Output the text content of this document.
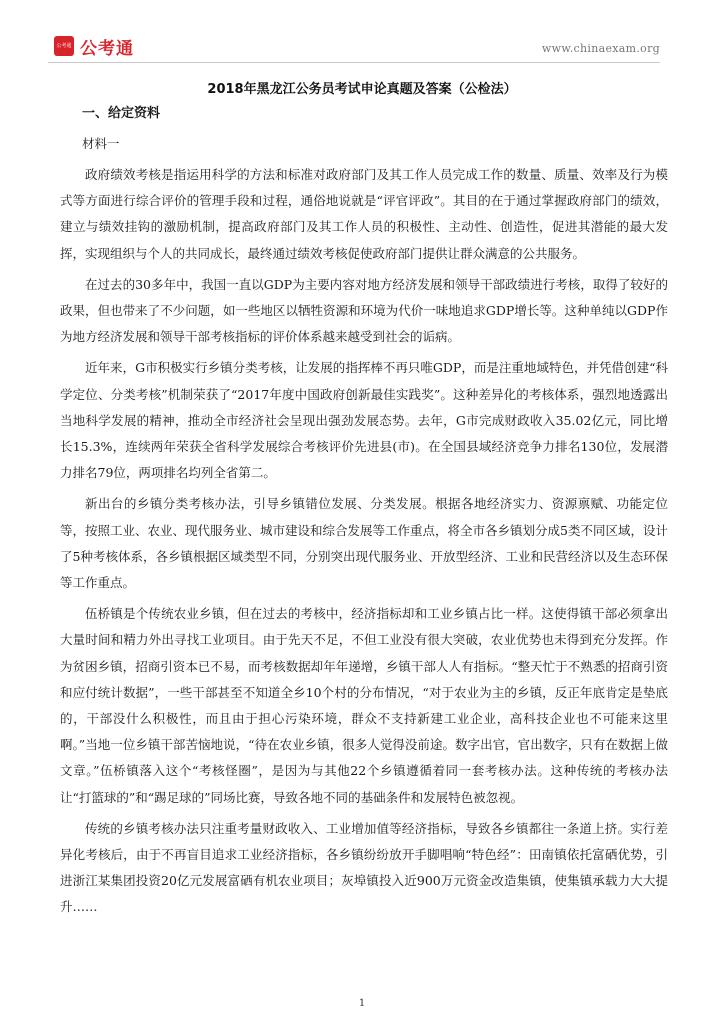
公考通 公考通	www.chinaexam.org
2018年黑龙江公务员考试申论真题及答案（公检法）
一、给定资料
材料一

政府绩效考核是指运用科学的方法和标准对政府部门及其工作人员完成工作的数量、质量、效率及行为模式等方面进行综合评价的管理手段和过程，通俗地说就是“评官评政”。其目的在于通过掌握政府部门的绩效，建立与绩效挂钩的激励机制，提高政府部门及其工作人员的积极性、主动性、创造性，促进其潜能的最大发挥，实现组织与个人的共同成长，最终通过绩效考核促使政府部门提供让群众满意的公共服务。

在过去的30多年中，我国一直以GDP为主要内容对地方经济发展和领导干部政绩进行考核，取得了较好的政果，但也带来了不少问题，如一些地区以牺牲资源和环境为代价一味地追求GDP增长等。这种单纯以GDP作为地方经济发展和领导干部考核指标的评价体系越来越受到社会的诟病。

近年来，G市积极实行乡镇分类考核，让发展的指挥棒不再只唯GDP，而是注重地域特色，并凭借创建“科学定位、分类考核”机制荣获了“2017年度中国政府创新最佳实践奖”。这种差异化的考核体系，强烈地透露出当地科学发展的精神，推动全市经济社会呈现出强劲发展态势。去年，G市完成财政收入35.02亿元，同比增长15.3%，连续两年荣获全省科学发展综合考核评价先进县(市)。在全国县域经济竞争力排名130位，发展潜力排名79位，两项排名均列全省第二。

新出台的乡镇分类考核办法，引导乡镇错位发展、分类发展。根据各地经济实力、资源禀赋、功能定位等，按照工业、农业、现代服务业、城市建设和综合发展等工作重点，将全市各乡镇划分成5类不同区域，设计了5种考核体系，各乡镇根据区域类型不同，分别突出现代服务业、开放型经济、工业和民营经济以及生态环保等工作重点。

伍桥镇是个传统农业乡镇，但在过去的考核中，经济指标却和工业乡镇占比一样。这使得镇干部必须拿出大量时间和精力外出寻找工业项目。由于先天不足，不但工业没有很大突破，农业优势也未得到充分发挥。作为贫困乡镇，招商引资本已不易，而考核数据却年年递增，乡镇干部人人有指标。“整天忙于不熟悉的招商引资和应付统计数据”，一些干部甚至不知道全乡10个村的分布情况，“对于农业为主的乡镇，反正年底肯定是垫底的，干部没什么积极性，而且由于担心污染环境，群众不支持新建工业企业，高科技企业也不可能来这里啊。”当地一位乡镇干部苦恼地说，“待在农业乡镇，很多人觉得没前途。数字出官，官出数字，只有在数据上做文章。”伍桥镇落入这个“考核怪圈”，是因为与其他22个乡镇遵循着同一套考核办法。这种传统的考核办法让“打篮球的”和“踢足球的”同场比赛，导致各地不同的基础条件和发展特色被忽视。

传统的乡镇考核办法只注重考量财政收入、工业增加值等经济指标，导致各乡镇都往一条道上挤。实行差异化考核后，由于不再盲目追求工业经济指标，各乡镇纷纷放开手脚唱响“特色经”：田南镇依托富硒优势，引进浙江某集团投资20亿元发展富硒有机农业项目；灰埠镇投入近900万元资金改造集镇，使集镇承载力大大提升……

1
